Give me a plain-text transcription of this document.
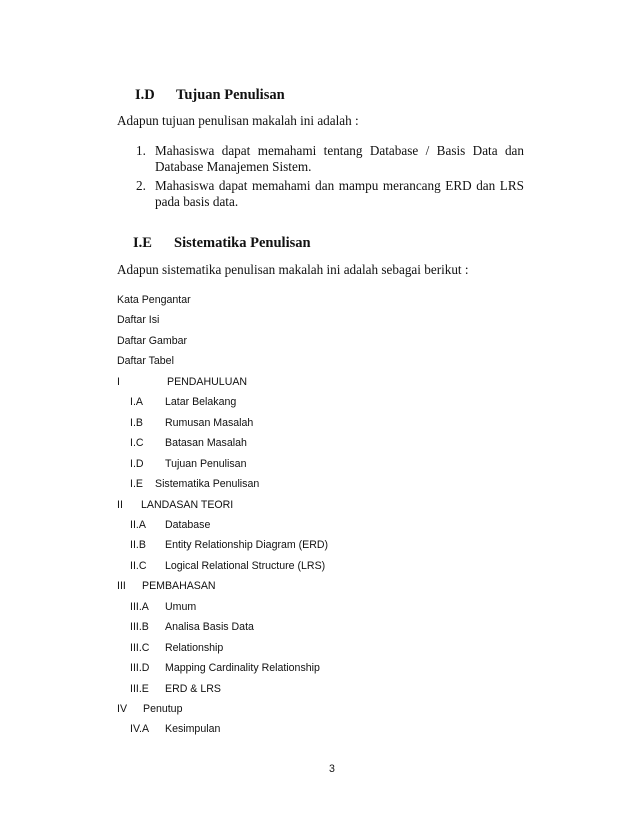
I.D Tujuan Penulisan
Adapun tujuan penulisan makalah ini adalah :
1. Mahasiswa dapat memahami tentang Database / Basis Data dan Database Manajemen Sistem.
2. Mahasiswa dapat memahami dan mampu merancang ERD dan LRS pada basis data.
I.E Sistematika Penulisan
Adapun sistematika penulisan makalah ini adalah sebagai berikut :
Kata Pengantar
Daftar Isi
Daftar Gambar
Daftar Tabel
I	PENDAHULUAN
I.A Latar Belakang
I.B Rumusan Masalah
I.C Batasan Masalah
I.D Tujuan Penulisan
I.E Sistematika Penulisan
II LANDASAN TEORI
II.A Database
II.B Entity Relationship Diagram (ERD)
II.C Logical Relational Structure (LRS)
III PEMBAHASAN
III.A Umum
III.B Analisa Basis Data
III.C Relationship
III.D Mapping Cardinality Relationship
III.E ERD & LRS
IV Penutup
IV.A Kesimpulan
3
